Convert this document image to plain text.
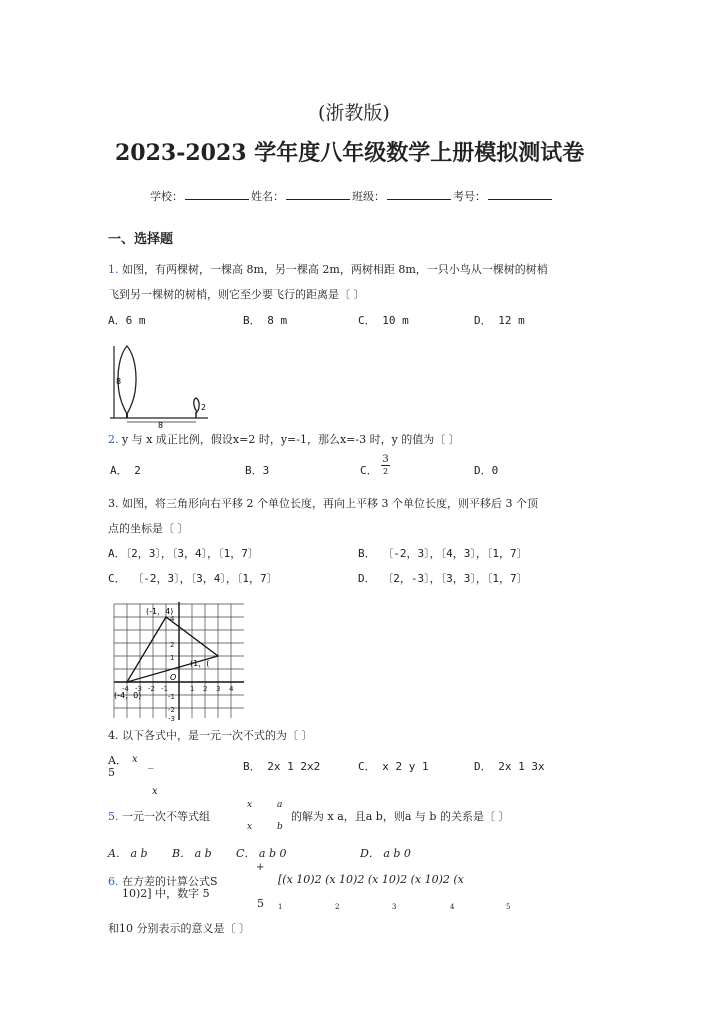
(浙教版)
2023-2023 学年度八年级数学上册模拟测试卷
学校：	姓名：	班级：	考号：
一、选择题
1. 如图，有两棵树，一棵高 8m，另一棵高 2m，两树相距 8m，一只小鸟从一棵树的树梢
飞到另一棵树的树梢，则它至少要飞行的距离是〔 〕
A．6 m	B． 8 m	C． 10 m	D． 12 m
8
2
8
2. y 与 x 成正比例，假设x=2 时，y=-1，那么x=-3 时，y 的值为〔 〕
A． 2	B．3	C．
3
2	D．0
3. 如图，将三角形向右平移 2 个单位长度，再向上平移 3 个单位长度，则平移后 3 个顶
点的坐标是〔 〕
A．〔2，3〕，〔3，4〕，〔1，7〕	B． 〔-2，3〕，〔4，3〕，〔1，7〕
C． 〔-2，3〕，〔3，4〕，〔1，7〕	D． 〔2，-3〕，〔3，3〕，〔1，7〕
(-1，4)
(1，(
(-4，0)
O
-4 -3 -2 -1	1 2 3 4
4
2
1
-1
-2
-3
4. 以下各式中，是一元一次不式的为〔 〕
A． x
5
_
x
B． 2x 1 2x2	C． x 2 y 1	D． 2x 1 3x
5. 一元一次不等式组
x	a
x	b
的解为 x a，且a b，则a 与 b 的关系是〔 〕
A． a b B． a b C． a b 0	D． a b 0
6. 在方差的计算公式S
+
[(x 10)2 (x 10)2 (x 10)2 (x 10)2 (x
10)2] 中，数字 5
5 1	2	3	4	5
和10 分别表示的意义是〔 〕
